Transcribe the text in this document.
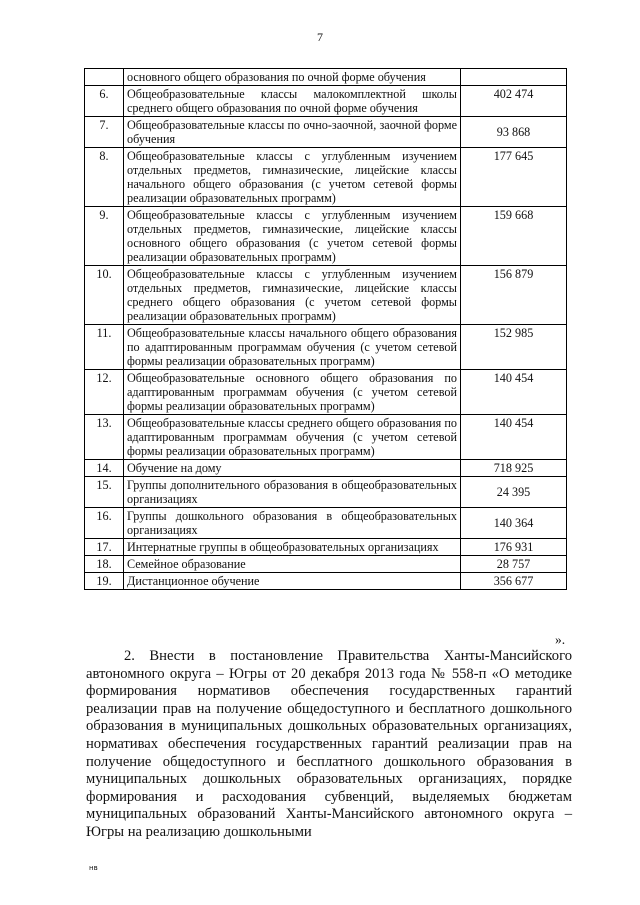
7
	основного общего образования по очной форме обучения	
6.	Общеобразовательные классы малокомплектной школы среднего общего образования по очной форме обучения	402 474
7.	Общеобразовательные классы по очно-заочной, заочной форме обучения	93 868
8.	Общеобразовательные классы с углубленным изучением отдельных предметов, гимназические, лицейские классы начального общего образования (с учетом сетевой формы реализации образовательных программ)	177 645
9.	Общеобразовательные классы с углубленным изучением отдельных предметов, гимназические, лицейские классы основного общего образования (с учетом сетевой формы реализации образовательных программ)	159 668
10.	Общеобразовательные классы с углубленным изучением отдельных предметов, гимназические, лицейские классы среднего общего образования (с учетом сетевой формы реализации образовательных программ)	156 879
11.	Общеобразовательные классы начального общего образования по адаптированным программам обучения (с учетом сетевой формы реализации образовательных программ)	152 985
12.	Общеобразовательные основного общего образования по адаптированным программам обучения (с учетом сетевой формы реализации образовательных программ)	140 454
13.	Общеобразовательные классы среднего общего образования по адаптированным программам обучения (с учетом сетевой формы реализации образовательных программ)	140 454
14.	Обучение на дому	718 925
15.	Группы дополнительного образования в общеобразовательных организациях	24 395
16.	Группы дошкольного образования в общеобразовательных организациях	140 364
17.	Интернатные группы в общеобразовательных организациях	176 931
18.	Семейное образование	28 757
19.	Дистанционное обучение	356 677
».

2. Внести в постановление Правительства Ханты-Мансийского автономного округа – Югры от 20 декабря 2013 года № 558-п «О методике формирования нормативов обеспечения государственных гарантий реализации прав на получение общедоступного и бесплатного дошкольного образования в муниципальных дошкольных образовательных организациях, нормативах обеспечения государственных гарантий реализации прав на получение общедоступного и бесплатного дошкольного образования в муниципальных дошкольных образовательных организациях, порядке формирования и расходования субвенций, выделяемых бюджетам муниципальных образований Ханты-Мансийского автономного округа – Югры на реализацию дошкольными

нв
